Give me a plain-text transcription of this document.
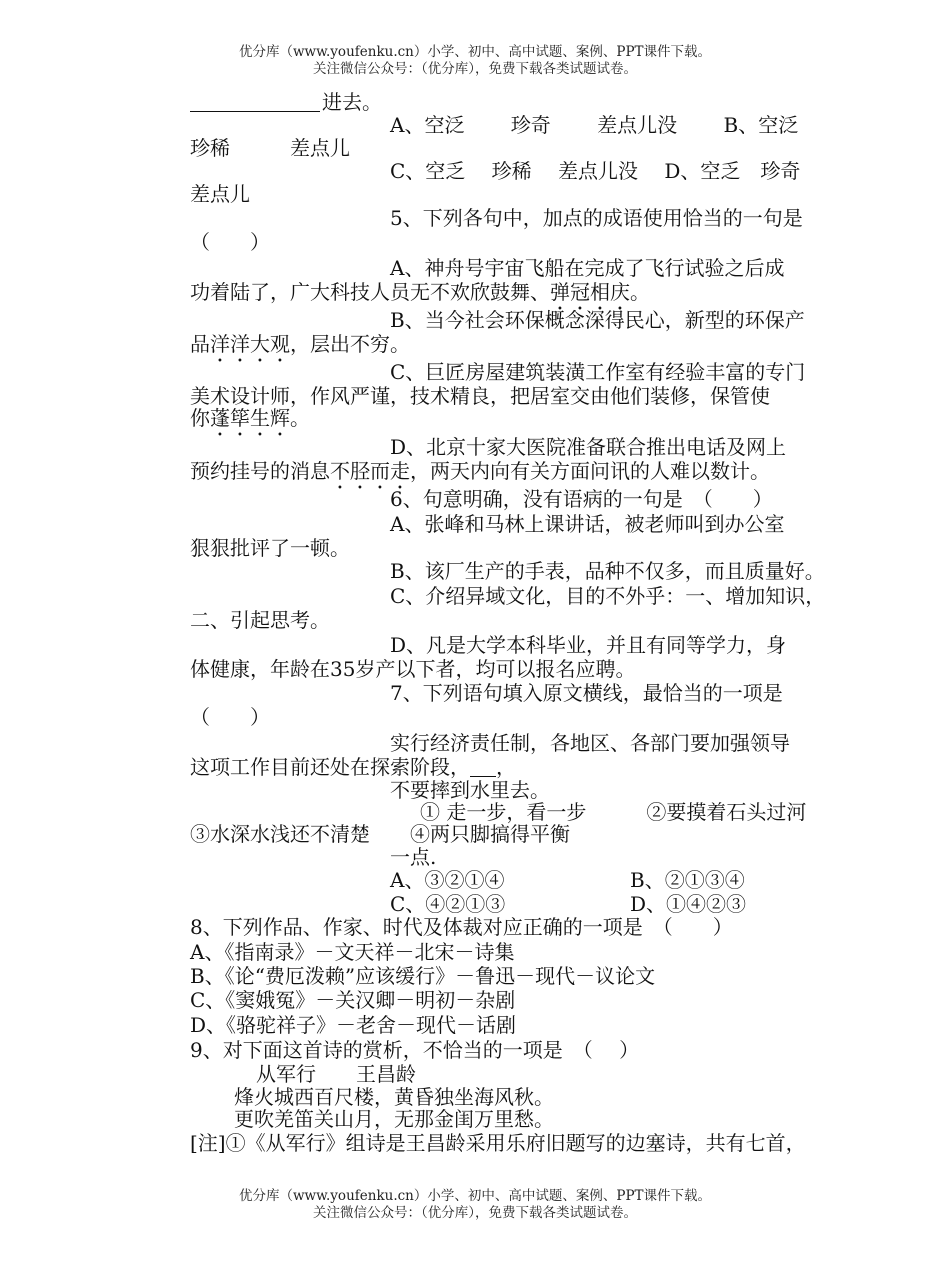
优分库（www.youfenku.cn）小学、初中、高中试题、案例、PPT课件下载。
关注微信公众号：（优分库），免费下载各类试题试卷。
进去。
A、空泛　　 珍奇　　 差点儿没　　 B、空泛
珍稀　　　差点儿
C、空乏　 珍稀　 差点儿没　 D、空乏　珍奇
差点儿
5、下列各句中，加点的成语使用恰当的一句是
（　　）
A、神舟号宇宙飞船在完成了飞行试验之后成
功着陆了，广大科技人员无不欢欣鼓舞、弹冠相庆。
B、当今社会环保概念深得民心，新型的环保产
品洋洋大观，层出不穷。
C、巨匠房屋建筑装潢工作室有经验丰富的专门
美术设计师，作风严谨，技术精良，把居室交由他们装修，保管使
你蓬筚生辉。
D、北京十家大医院准备联合推出电话及网上
预约挂号的消息不胫而走，两天内向有关方面问讯的人难以数计。
6、句意明确，没有语病的一句是　（　　）
A、张峰和马林上课讲话，被老师叫到办公室
狠狠批评了一顿。
B、该厂生产的手表，品种不仅多，而且质量好。
C、介绍异域文化，目的不外乎：一、增加知识，
二、引起思考。
D、凡是大学本科毕业，并且有同等学力，身
体健康，年龄在35岁产以下者，均可以报名应聘。
7、下列语句填入原文横线，最恰当的一项是
（　　）
实行经济责任制，各地区、各部门要加强领导
这项工作目前还处在探索阶段， ，
不要摔到水里去。
① 走一步，看一步　　　②要摸着石头过河
③水深水浅还不清楚　　④两只脚搞得平衡
一点.
A、③②①④	B、②①③④
C、④②①③	D、①④②③
8、下列作品、作家、时代及体裁对应正确的一项是　（　　）
A、《指南录》－文天祥－北宋－诗集
B、《论“费厄泼赖”应该缓行》－鲁迅－现代－议论文
C、《窦娥冤》－关汉卿－明初－杂剧
D、《骆驼祥子》－老舍－现代－话剧
9、对下面这首诗的赏析，不恰当的一项是　（　 ）
从军行　　王昌龄
烽火城西百尺楼，黄昏独坐海风秋。
更吹羌笛关山月，无那金闺万里愁。
[注]①《从军行》组诗是王昌龄采用乐府旧题写的边塞诗，共有七首，
优分库（www.youfenku.cn）小学、初中、高中试题、案例、PPT课件下载。
关注微信公众号：（优分库），免费下载各类试题试卷。
